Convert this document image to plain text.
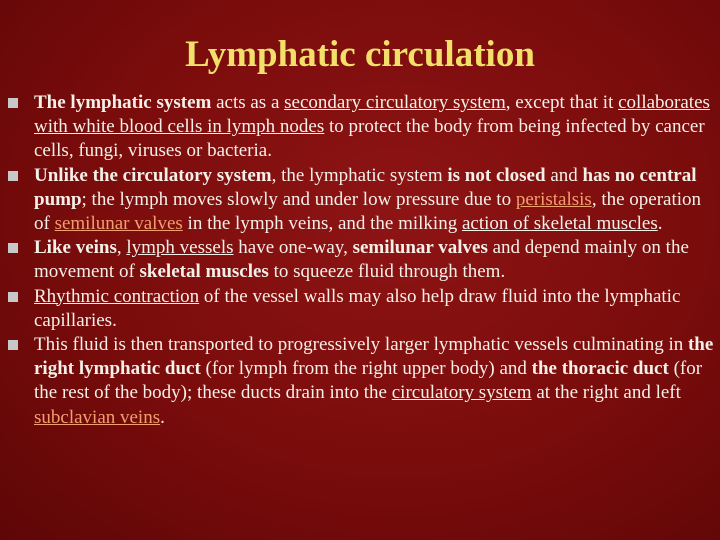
Lymphatic circulation
The lymphatic system acts as a secondary circulatory system, except that it collaborates with white blood cells in lymph nodes to protect the body from being infected by cancer cells, fungi, viruses or bacteria.
Unlike the circulatory system, the lymphatic system is not closed and has no central pump; the lymph moves slowly and under low pressure due to peristalsis, the operation of semilunar valves in the lymph veins, and the milking action of skeletal muscles.
Like veins, lymph vessels have one-way, semilunar valves and depend mainly on the movement of skeletal muscles to squeeze fluid through them.
Rhythmic contraction of the vessel walls may also help draw fluid into the lymphatic capillaries.
This fluid is then transported to progressively larger lymphatic vessels culminating in the right lymphatic duct (for lymph from the right upper body) and the thoracic duct (for the rest of the body); these ducts drain into the circulatory system at the right and left subclavian veins.
